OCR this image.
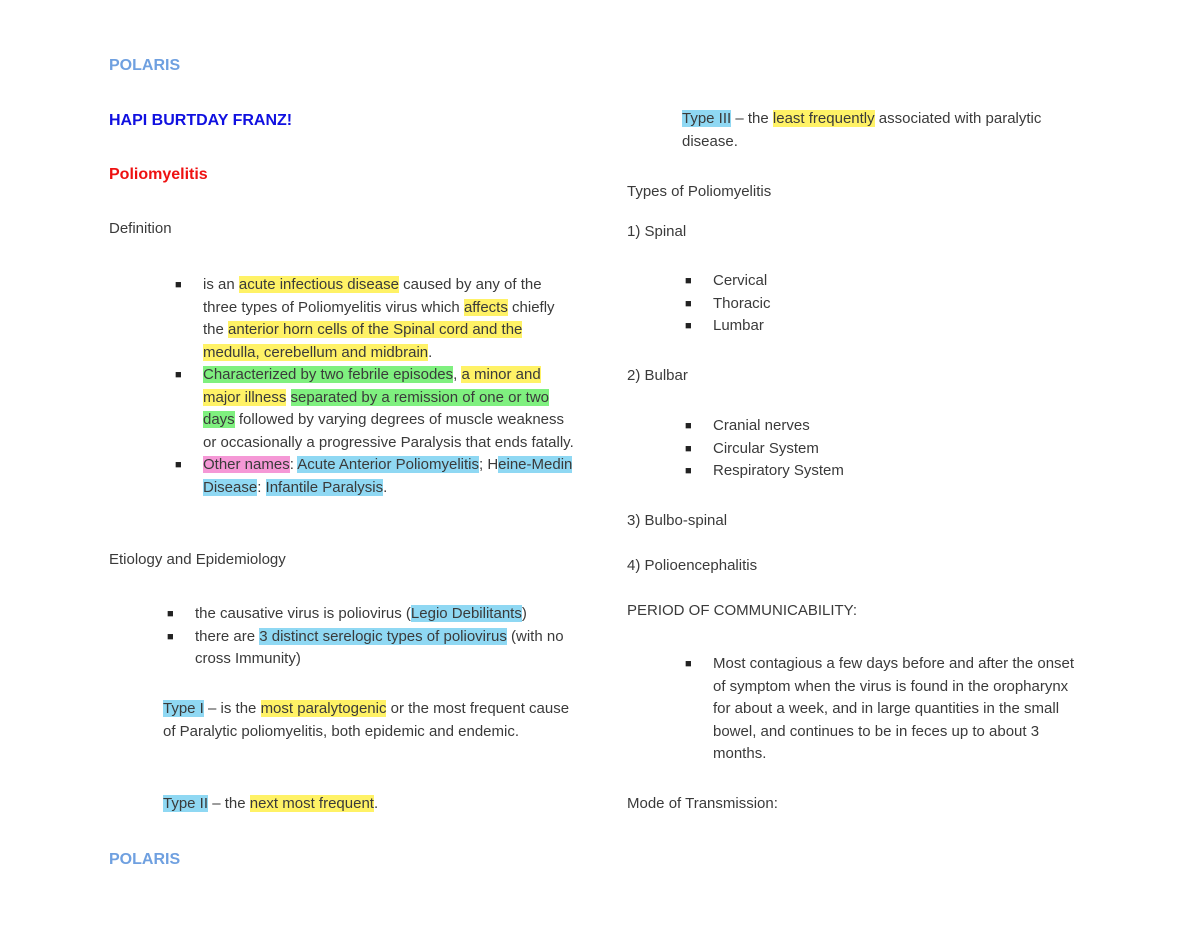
POLARIS
HAPI BURTDAY FRANZ!
Poliomyelitis
Definition
■ is an acute infectious disease caused by any of the three types of Poliomyelitis virus which affects chiefly the anterior horn cells of the Spinal cord and the medulla, cerebellum and midbrain.
■ Characterized by two febrile episodes, a minor and major illness separated by a remission of one or two days followed by varying degrees of muscle weakness or occasionally a progressive Paralysis that ends fatally.
■ Other names: Acute Anterior Poliomyelitis; Heine-Medin Disease: Infantile Paralysis.
Etiology and Epidemiology
■ the causative virus is poliovirus (Legio Debilitants)
■ there are 3 distinct serelogic types of poliovirus (with no cross Immunity)
Type I – is the most paralytogenic or the most frequent cause of Paralytic poliomyelitis, both epidemic and endemic.
Type II – the next most frequent.
Type III – the least frequently associated with paralytic disease.
Types of Poliomyelitis
1) Spinal
■ Cervical
■ Thoracic
■ Lumbar
2) Bulbar
■ Cranial nerves
■ Circular System
■ Respiratory System
3) Bulbo-spinal
4) Polioencephalitis
PERIOD OF COMMUNICABILITY:
■ Most contagious a few days before and after the onset of symptom when the virus is found in the oropharynx for about a week, and in large quantities in the small bowel, and continues to be in feces up to about 3 months.
Mode of Transmission:
POLARIS
